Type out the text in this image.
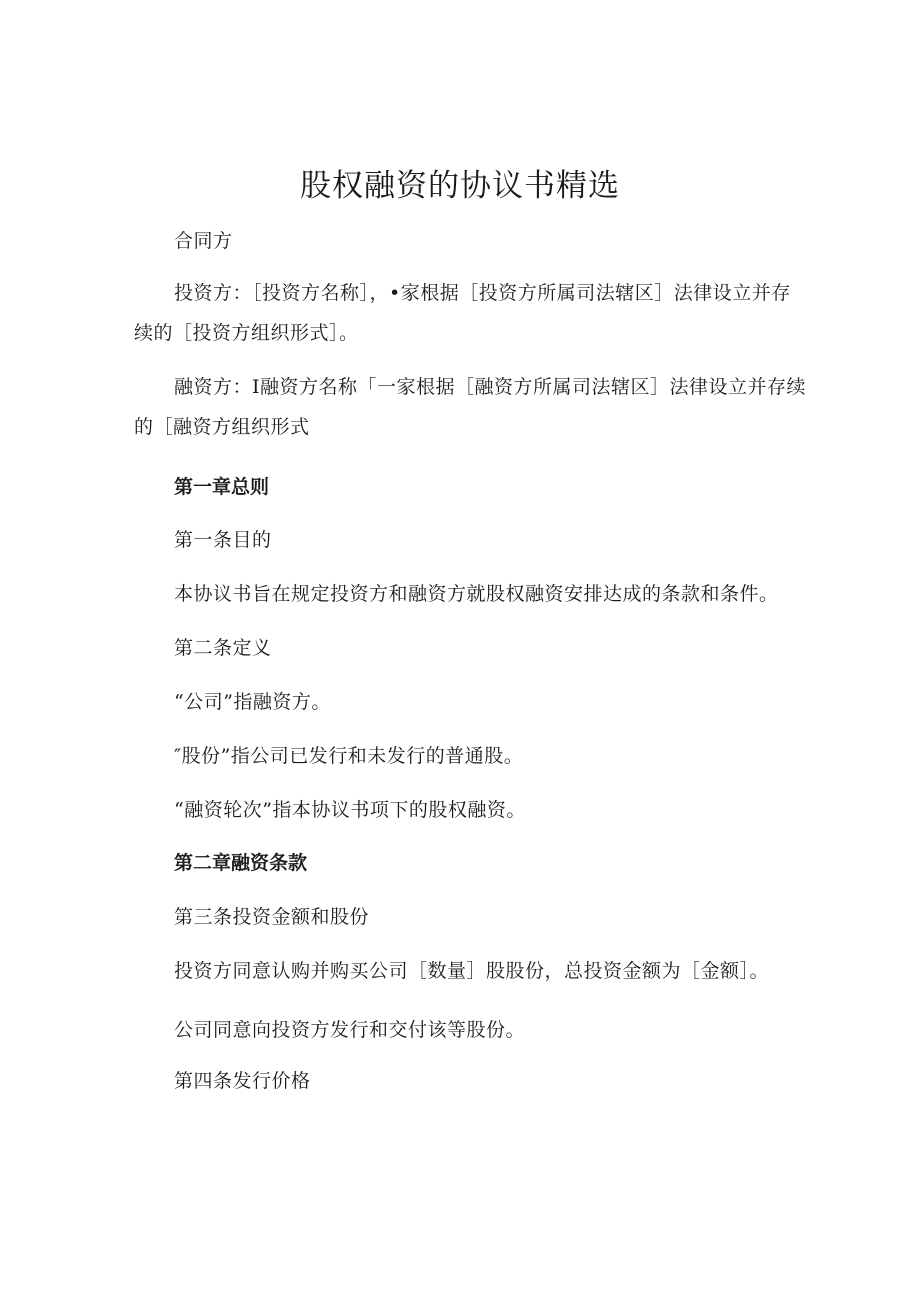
股权融资的协议书精选
合同方
投资方：［投资方名称］，•家根据［投资方所属司法辖区］法律设立并存
续的［投资方组织形式］。
融资方：I融资方名称「一家根据［融资方所属司法辖区］法律设立并存续
的［融资方组织形式
第一章总则
第一条目的
本协议书旨在规定投资方和融资方就股权融资安排达成的条款和条件。
第二条定义
“公司”指融资方。
″股份”指公司已发行和未发行的普通股。
“融资轮次”指本协议书项下的股权融资。
第二章融资条款
第三条投资金额和股份
投资方同意认购并购买公司［数量］股股份，总投资金额为［金额］。
公司同意向投资方发行和交付该等股份。
第四条发行价格
